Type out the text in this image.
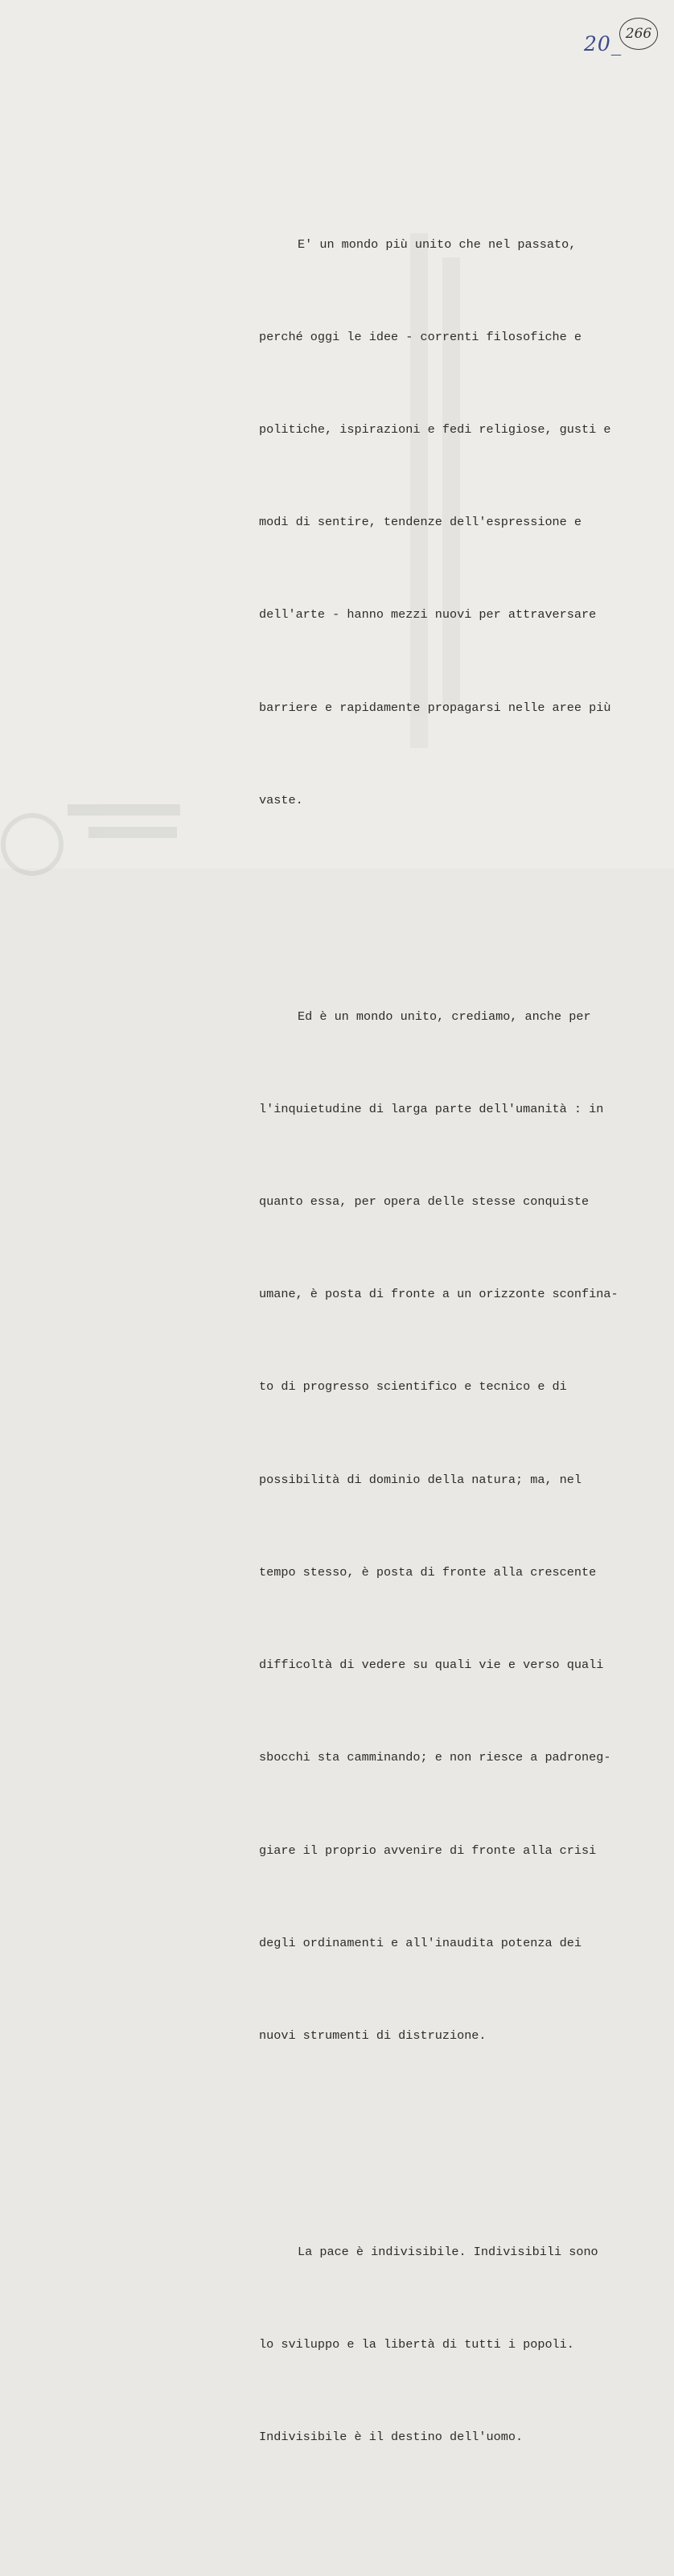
20_ 266

E' un mondo più unito che nel passato,

perché oggi le idee - correnti filosofiche e

politiche, ispirazioni e fedi religiose, gusti e

modi di sentire, tendenze dell'espressione e

dell'arte - hanno mezzi nuovi per attraversare

barriere e rapidamente propagarsi nelle aree più

vaste.

Ed è un mondo unito, crediamo, anche per

l'inquietudine di larga parte dell'umanità : in

quanto essa, per opera delle stesse conquiste

umane, è posta di fronte a un orizzonte sconfina-

to di progresso scientifico e tecnico e di

possibilità di dominio della natura; ma, nel

tempo stesso, è posta di fronte alla crescente

difficoltà di vedere su quali vie e verso quali

sbocchi sta camminando; e non riesce a padroneg-

giare il proprio avvenire di fronte alla crisi

degli ordinamenti e all'inaudita potenza dei

nuovi strumenti di distruzione.

La pace è indivisibile. Indivisibili sono

lo sviluppo e la libertà di tutti i popoli.

Indivisibile è il destino dell'uomo.
